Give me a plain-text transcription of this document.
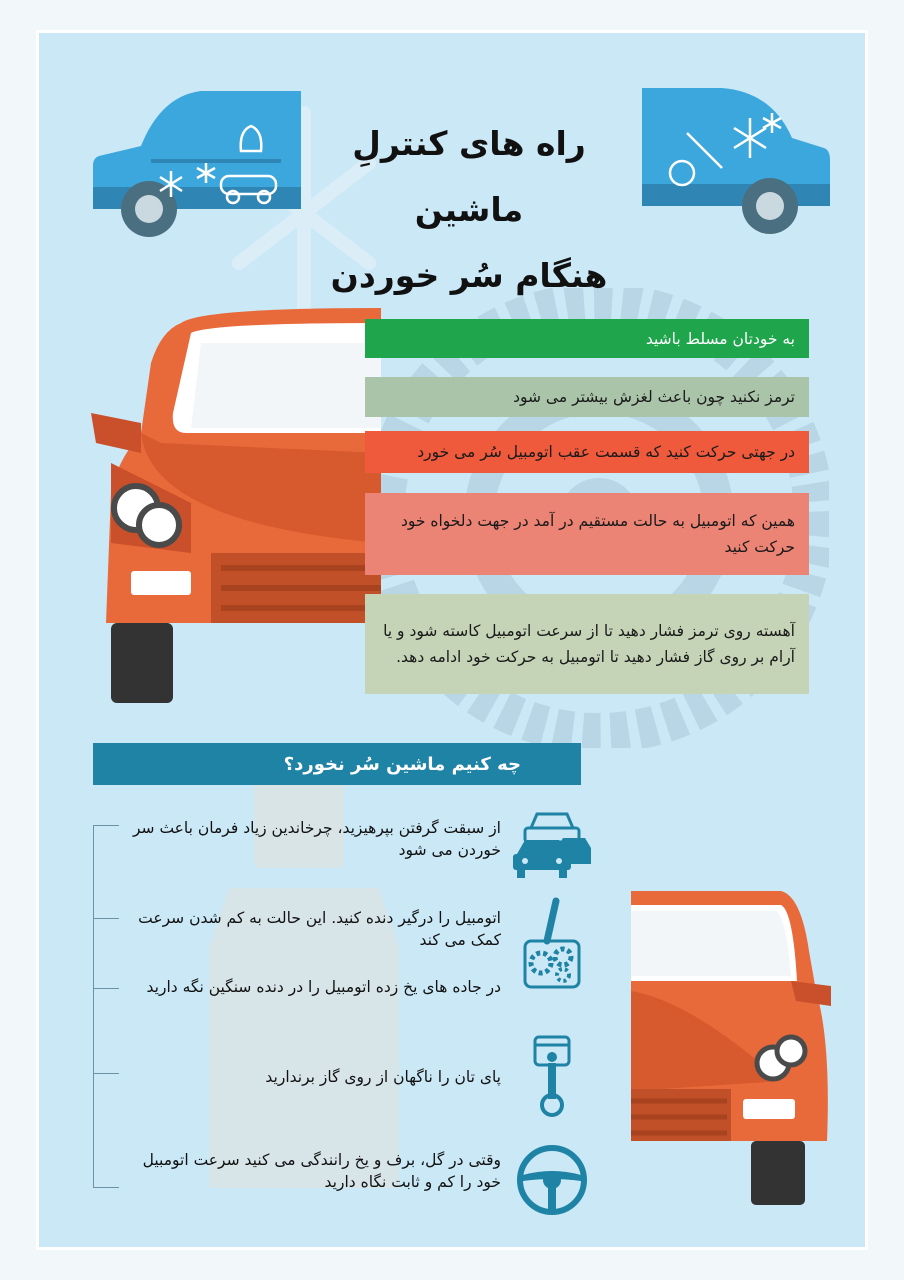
راه های کنترلِ ماشین
هنگام سُر خوردن
به خودتان مسلط باشید
ترمز نکنید چون باعث لغزش بیشتر می شود
در جهتی حرکت کنید که قسمت عقب اتومبیل سُر می خورد
همین که اتومبیل به حالت مستقیم در آمد در جهت دلخواه خود حرکت کنید
آهسته روی ترمز فشار دهید تا از سرعت اتومبیل کاسته شود و یا آرام بر روی گاز فشار دهید تا اتومبیل به حرکت خود ادامه دهد.
چه کنیم ماشین سُر نخورد؟
از سبقت گرفتن بپرهیزید، چرخاندین زیاد فرمان باعث سر خوردن می شود
اتومبیل را درگیر دنده کنید. این حالت به کم شدن سرعت کمک می کند
در جاده های یخ زده اتومبیل را در دنده سنگین نگه دارید
پای تان را ناگهان از روی گاز برندارید
وقتی در گل، برف و یخ رانندگی می کنید سرعت اتومبیل خود را کم و ثابت نگاه دارید
